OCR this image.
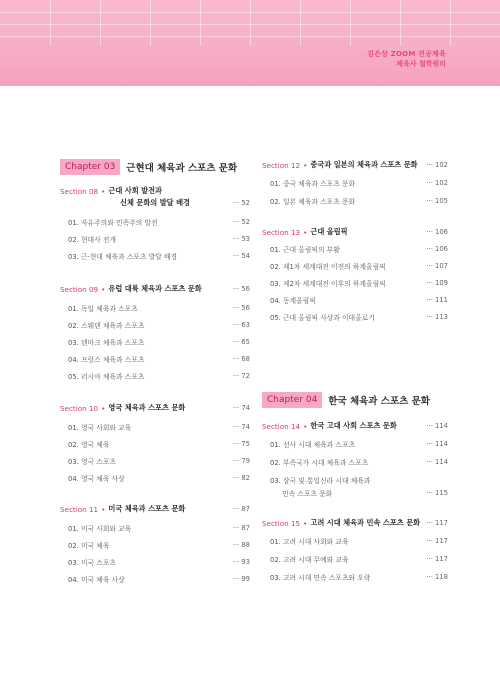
김은상 ZOOM 전공체육
체육사 철학원리
Chapter 03	근현대 체육과 스포츠 문화
Chapter 04	한국 체육과 스포츠 문화
Section 08 • 근대 사회 발전과
신체 문화의 발달 배경	··· 52
01. 자유주의와 민족주의 발전	··· 52
02. 현대사 전개	··· 53
03. 근·현대 체육과 스포츠 발달 배경	··· 54
Section 09 • 유럽 대륙 체육과 스포츠 문화	··· 56
01. 독일 체육과 스포츠	··· 56
02. 스웨덴 체육과 스포츠	··· 63
03. 덴마크 체육과 스포츠	··· 65
04. 프랑스 체육과 스포츠	··· 68
05. 러시아 체육과 스포츠	··· 72
Section 10 • 영국 체육과 스포츠 문화	··· 74
01. 영국 사회와 교육	··· 74
02. 영국 체육	··· 75
03. 영국 스포츠	··· 79
04. 영국 체육 사상	··· 82
Section 11 • 미국 체육과 스포츠 문화	··· 87
01. 미국 사회와 교육	··· 87
02. 미국 체육	··· 88
03. 미국 스포츠	··· 93
04. 미국 체육 사상	··· 99
Section 12 • 중국과 일본의 체육과 스포츠 문화 ··· 102
01. 중국 체육과 스포츠 문화	··· 102
02. 일본 체육과 스포츠 문화	··· 105
Section 13 • 근대 올림픽	··· 106
01. 근대 올림픽의 부활	··· 106
02. 제1차 세계대전 이전의 하계올림픽	··· 107
03. 제2차 세계대전 이후의 하계올림픽	··· 109
04. 동계올림픽	··· 111
05. 근대 올림픽 사상과 이데올로기	··· 113
Section 14 • 한국 고대 사회 스포츠 문화	··· 114
01. 선사 시대 체육과 스포츠	··· 114
02. 부족국가 시대 체육과 스포츠	··· 114
03. 삼국 및 통일신라 시대 체육과
민속 스포츠 문화	··· 115
Section 15 • 고려 시대 체육과 민속 스포츠 문화 ··· 117
01. 고려 시대 사회와 교육	··· 117
02. 고려 시대 무예와 교육	··· 117
03. 고려 시대 민속 스포츠와 오락	··· 118
